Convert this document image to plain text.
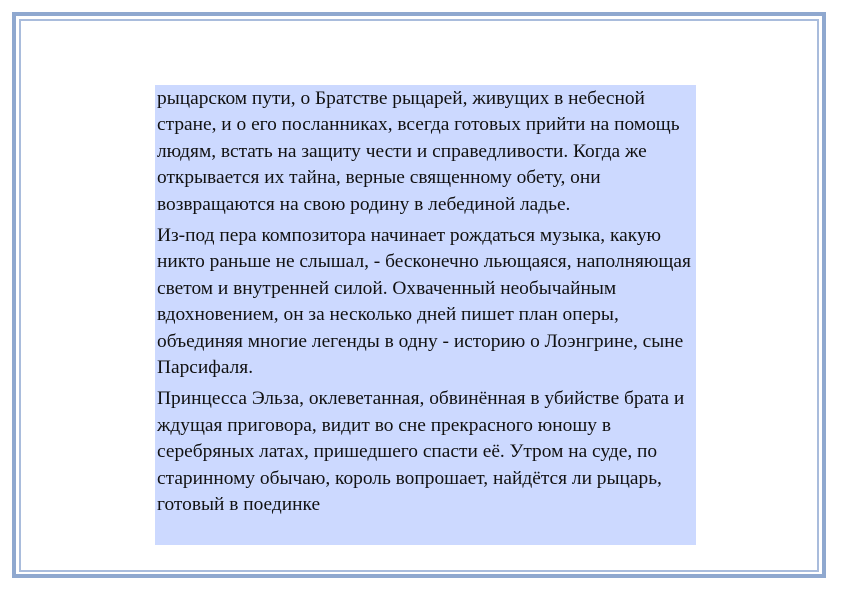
рыцарском пути, о Братстве рыцарей, живущих в небесной стране, и о его посланниках, всегда готовых прийти на помощь людям, встать на защиту чести и справедливости. Когда же открывается их тайна, верные священному обету, они возвращаются на свою родину в лебединой ладье.

Из-под пера композитора начинает рождаться музыка, какую никто раньше не слышал, - бесконечно льющаяся, наполняющая светом и внутренней силой. Охваченный необычайным вдохновением, он за несколько дней пишет план оперы, объединяя многие легенды в одну - историю о Лоэнгрине, сыне Парсифаля.

Принцесса Эльза, оклеветанная, обвинённая в убийстве брата и ждущая приговора, видит во сне прекрасного юношу в серебряных латах, пришедшего спасти её. Утром на суде, по старинному обычаю, король вопрошает, найдётся ли рыцарь, готовый в поединке
